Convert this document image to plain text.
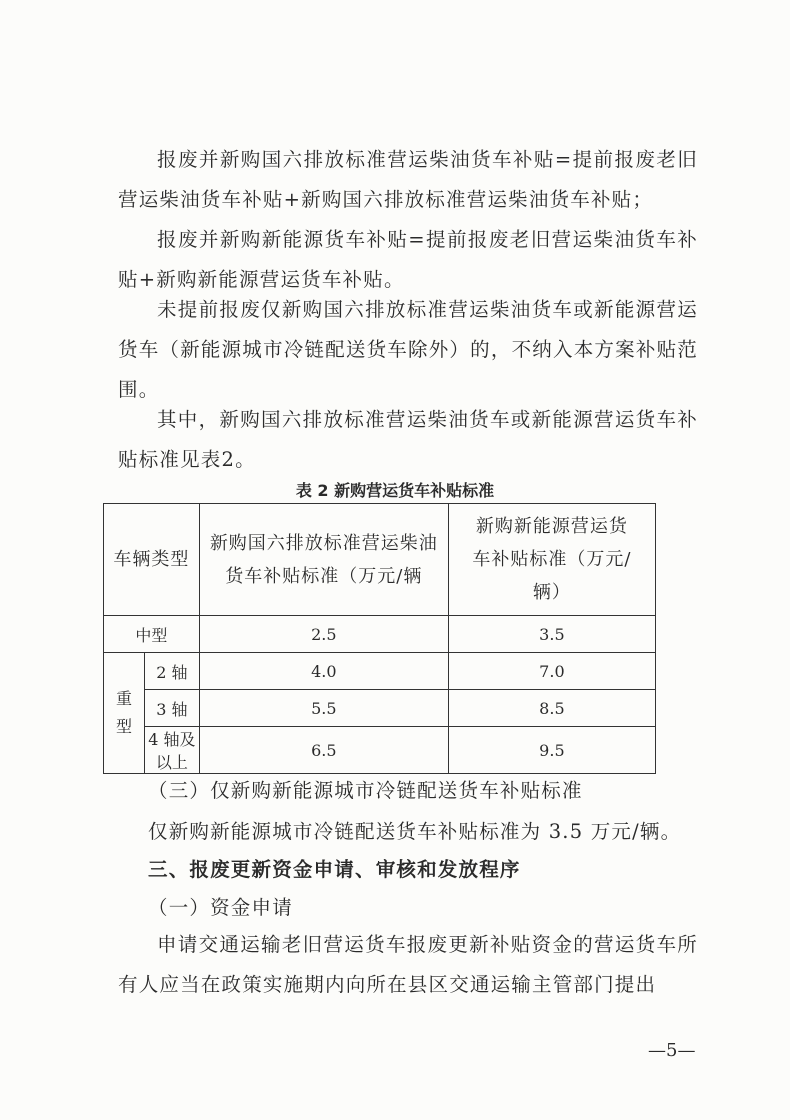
报废并新购国六排放标准营运柴油货车补贴=提前报废老旧营运柴油货车补贴+新购国六排放标准营运柴油货车补贴；
报废并新购新能源货车补贴=提前报废老旧营运柴油货车补贴+新购新能源营运货车补贴。
未提前报废仅新购国六排放标准营运柴油货车或新能源营运货车（新能源城市冷链配送货车除外）的，不纳入本方案补贴范围。
其中，新购国六排放标准营运柴油货车或新能源营运货车补贴标准见表2。
表 2 新购营运货车补贴标准
车辆类型		新购国六排放标准营运柴油货车补贴标准（万元/辆	新购新能源营运货车补贴标准（万元/辆）
中型		2.5	3.5
重型	2 轴	4.0	7.0
	3 轴	5.5	8.5
	4 轴及以上	6.5	9.5
（三）仅新购新能源城市冷链配送货车补贴标准
仅新购新能源城市冷链配送货车补贴标准为 3.5 万元/辆。
三、报废更新资金申请、审核和发放程序
（一）资金申请
申请交通运输老旧营运货车报废更新补贴资金的营运货车所有人应当在政策实施期内向所在县区交通运输主管部门提出
—5—
